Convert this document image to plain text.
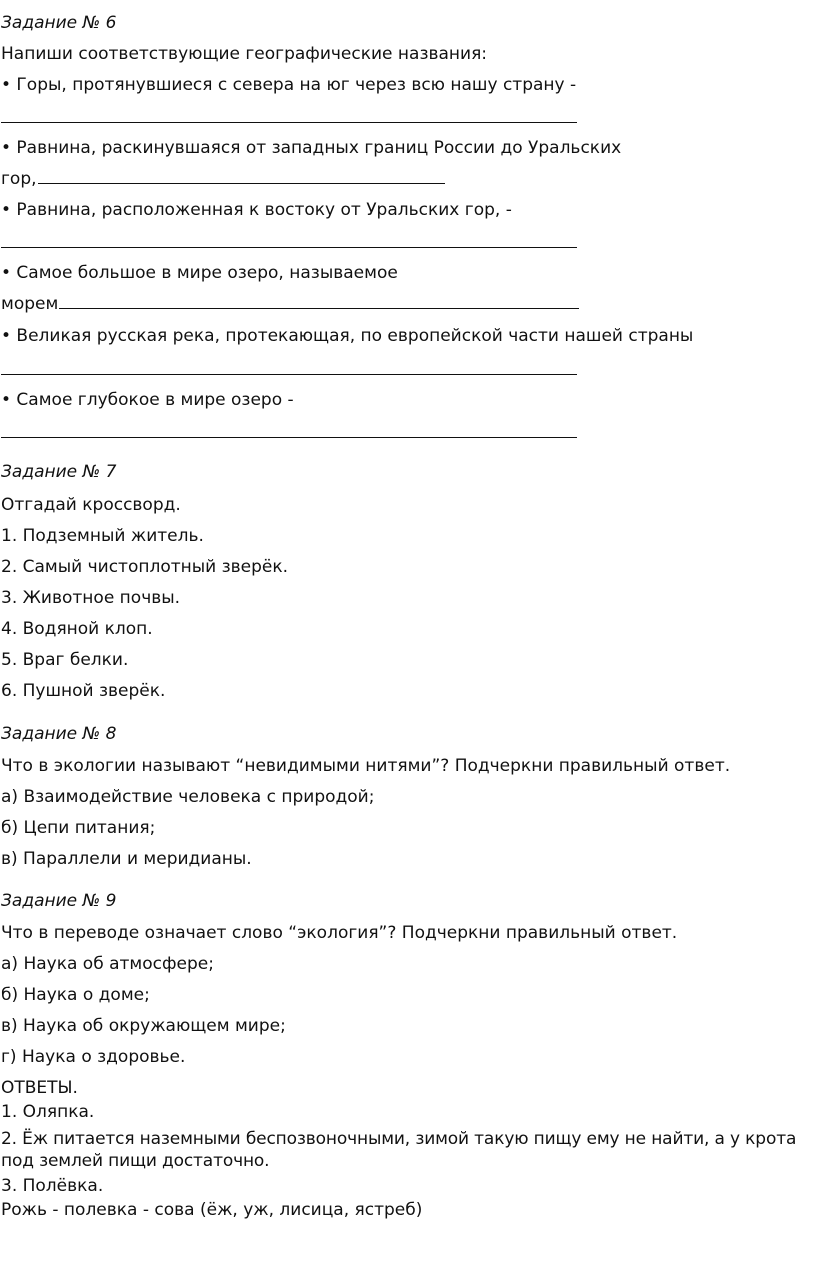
Задание № 6

Напиши соответствующие географические названия:

• Горы, протянувшиеся с севера на юг через всю нашу страну -

• Равнина, раскинувшаяся от западных границ России до Уральских

гор,

• Равнина, расположенная к востоку от Уральских гор, -

• Самое большое в мире озеро, называемое

морем

• Великая русская река, протекающая, по европейской части нашей страны

• Самое глубокое в мире озеро -

Задание № 7

Отгадай кроссворд.

1. Подземный житель.

2. Самый чистоплотный зверёк.

3. Животное почвы.

4. Водяной клоп.

5. Враг белки.

6. Пушной зверёк.

Задание № 8

Что в экологии называют “невидимыми нитями”? Подчеркни правильный ответ.

а) Взаимодействие человека с природой;

б) Цепи питания;

в) Параллели и меридианы.

Задание № 9

Что в переводе означает слово “экология”? Подчеркни правильный ответ.

а) Наука об атмосфере;

б) Наука о доме;

в) Наука об окружающем мире;

г) Наука о здоровье.

ОТВЕТЫ.

1. Оляпка.

2. Ёж питается наземными беспозвоночными, зимой такую пищу ему не найти, а у крота под землей пищи достаточно.

3. Полёвка.

Рожь - полевка - сова (ёж, уж, лисица, ястреб)
